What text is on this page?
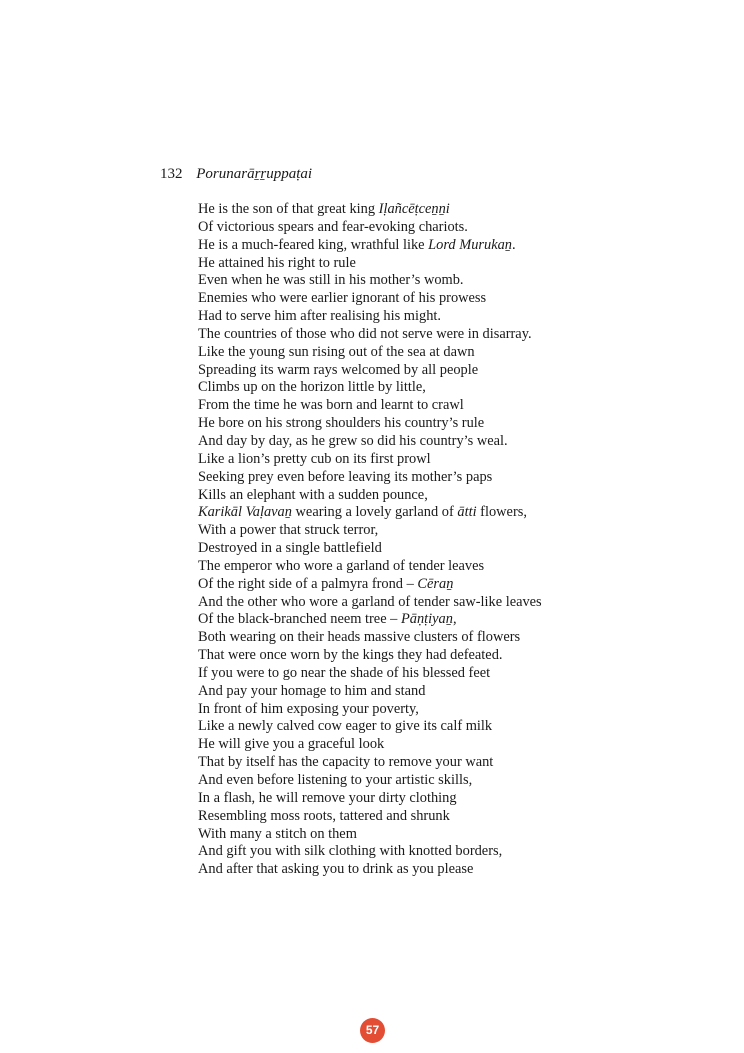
132 Porunarāṟṟuppaṭai
He is the son of that great king Iḷañcēṭceṉṉi
Of victorious spears and fear-evoking chariots.
He is a much-feared king, wrathful like Lord Murukaṉ.
He attained his right to rule
Even when he was still in his mother’s womb.
Enemies who were earlier ignorant of his prowess
Had to serve him after realising his might.
The countries of those who did not serve were in disarray.
Like the young sun rising out of the sea at dawn
Spreading its warm rays welcomed by all people
Climbs up on the horizon little by little,
From the time he was born and learnt to crawl
He bore on his strong shoulders his country’s rule
And day by day, as he grew so did his country’s weal.
Like a lion’s pretty cub on its first prowl
Seeking prey even before leaving its mother’s paps
Kills an elephant with a sudden pounce,
Karikāl Vaḷavaṉ wearing a lovely garland of ātti flowers,
With a power that struck terror,
Destroyed in a single battlefield
The emperor who wore a garland of tender leaves
Of the right side of a palmyra frond – Cēraṉ
And the other who wore a garland of tender saw-like leaves
Of the black-branched neem tree – Pāṇṭiyaṉ,
Both wearing on their heads massive clusters of flowers
That were once worn by the kings they had defeated.
If you were to go near the shade of his blessed feet
And pay your homage to him and stand
In front of him exposing your poverty,
Like a newly calved cow eager to give its calf milk
He will give you a graceful look
That by itself has the capacity to remove your want
And even before listening to your artistic skills,
In a flash, he will remove your dirty clothing
Resembling moss roots, tattered and shrunk
With many a stitch on them
And gift you with silk clothing with knotted borders,
And after that asking you to drink as you please
57
